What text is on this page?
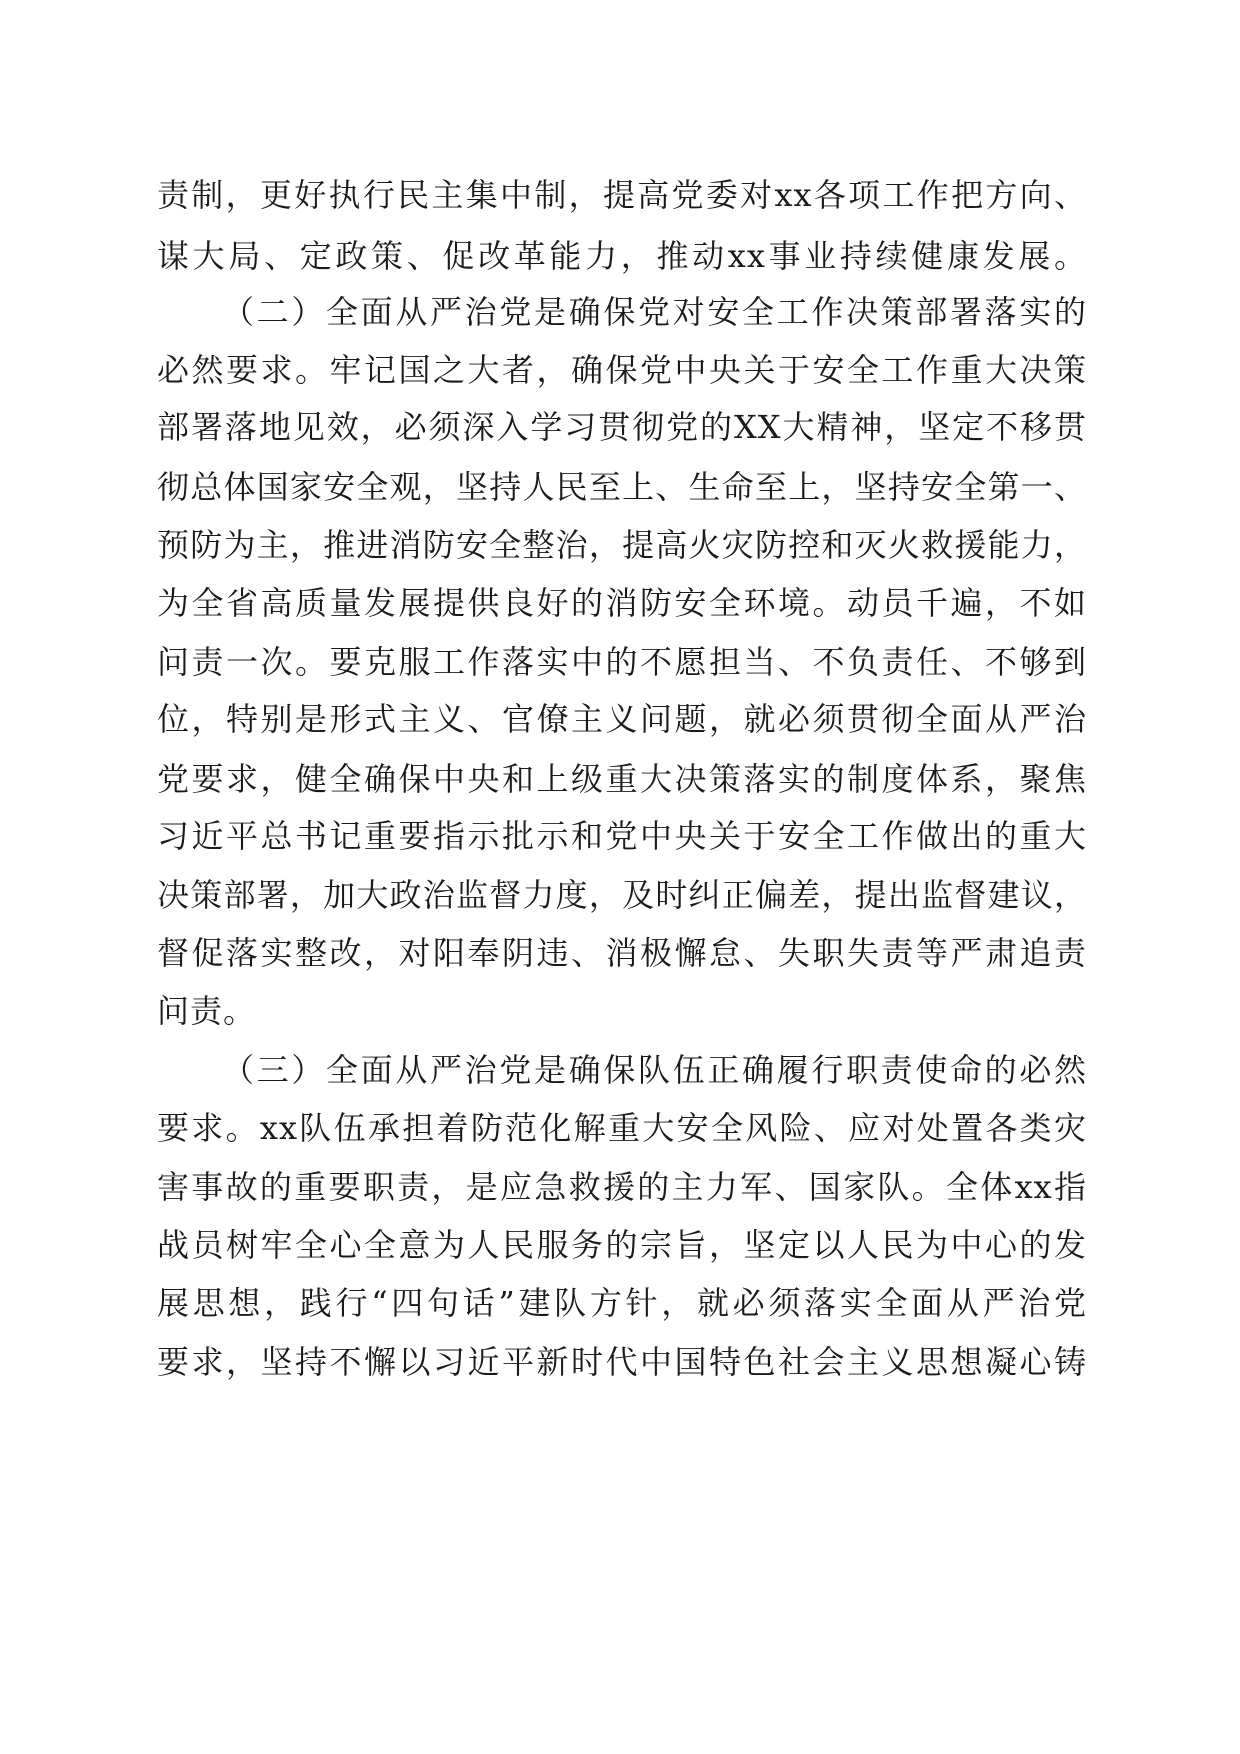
责制，更好执行民主集中制，提高党委对xx各项工作把方向、
谋大局、定政策、促改革能力，推动xx事业持续健康发展。
（二）全面从严治党是确保党对安全工作决策部署落实的
必然要求。牢记国之大者，确保党中央关于安全工作重大决策
部署落地见效，必须深入学习贯彻党的XX大精神，坚定不移贯
彻总体国家安全观，坚持人民至上、生命至上，坚持安全第一、
预防为主，推进消防安全整治，提高火灾防控和灭火救援能力，
为全省高质量发展提供良好的消防安全环境。动员千遍，不如
问责一次。要克服工作落实中的不愿担当、不负责任、不够到
位，特别是形式主义、官僚主义问题，就必须贯彻全面从严治
党要求，健全确保中央和上级重大决策落实的制度体系，聚焦
习近平总书记重要指示批示和党中央关于安全工作做出的重大
决策部署，加大政治监督力度，及时纠正偏差，提出监督建议，
督促落实整改，对阳奉阴违、消极懈怠、失职失责等严肃追责
问责。
（三）全面从严治党是确保队伍正确履行职责使命的必然
要求。xx队伍承担着防范化解重大安全风险、应对处置各类灾
害事故的重要职责，是应急救援的主力军、国家队。全体xx指
战员树牢全心全意为人民服务的宗旨，坚定以人民为中心的发
展思想，践行“四句话”建队方针，就必须落实全面从严治党
要求，坚持不懈以习近平新时代中国特色社会主义思想凝心铸
